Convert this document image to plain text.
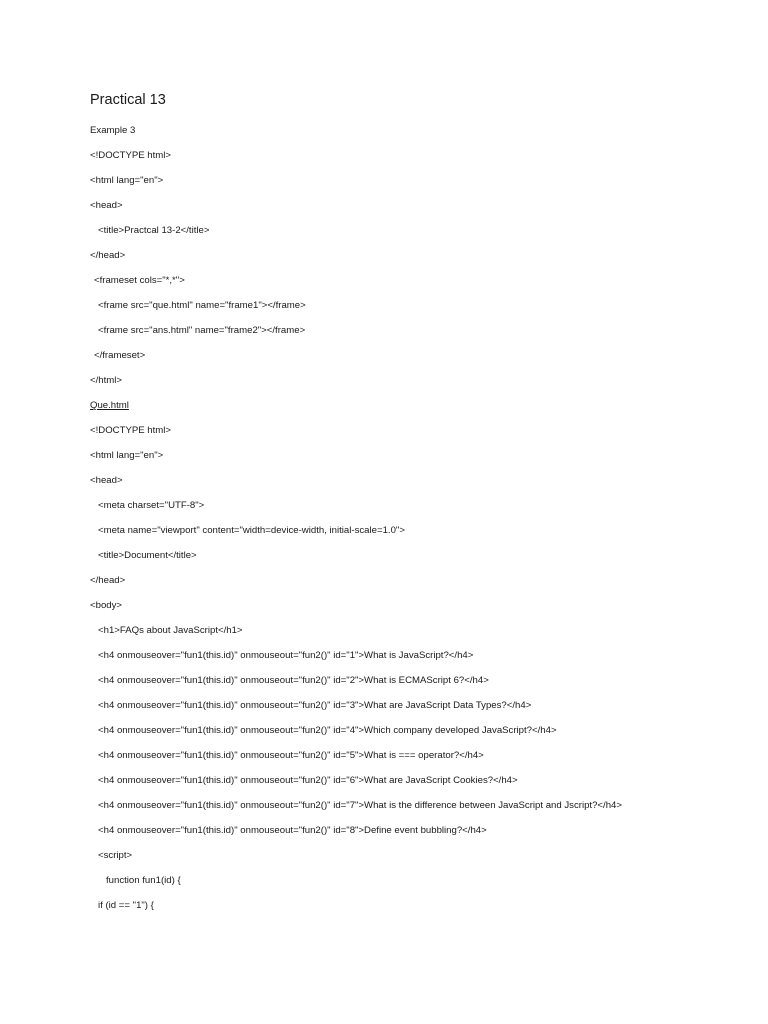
Practical 13
Example 3
<!DOCTYPE html>
<html lang="en">
<head>
<title>Practcal 13-2</title>
</head>
<frameset cols="*,*">
<frame src="que.html" name="frame1"></frame>
<frame src="ans.html" name="frame2"></frame>
</frameset>
</html>
Que.html
<!DOCTYPE html>
<html lang="en">
<head>
<meta charset="UTF-8">
<meta name="viewport" content="width=device-width, initial-scale=1.0">
<title>Document</title>
</head>
<body>
<h1>FAQs about JavaScript</h1>
<h4 onmouseover="fun1(this.id)" onmouseout="fun2()" id="1">What is JavaScript?</h4>
<h4 onmouseover="fun1(this.id)" onmouseout="fun2()" id="2">What is ECMAScript 6?</h4>
<h4 onmouseover="fun1(this.id)" onmouseout="fun2()" id="3">What are JavaScript Data Types?</h4>
<h4 onmouseover="fun1(this.id)" onmouseout="fun2()" id="4">Which company developed JavaScript?</h4>
<h4 onmouseover="fun1(this.id)" onmouseout="fun2()" id="5">What is === operator?</h4>
<h4 onmouseover="fun1(this.id)" onmouseout="fun2()" id="6">What are JavaScript Cookies?</h4>
<h4 onmouseover="fun1(this.id)" onmouseout="fun2()" id="7">What is the difference between JavaScript and Jscript?</h4>
<h4 onmouseover="fun1(this.id)" onmouseout="fun2()" id="8">Define event bubbling?</h4>
<script>
function fun1(id) {
if (id == "1") {
